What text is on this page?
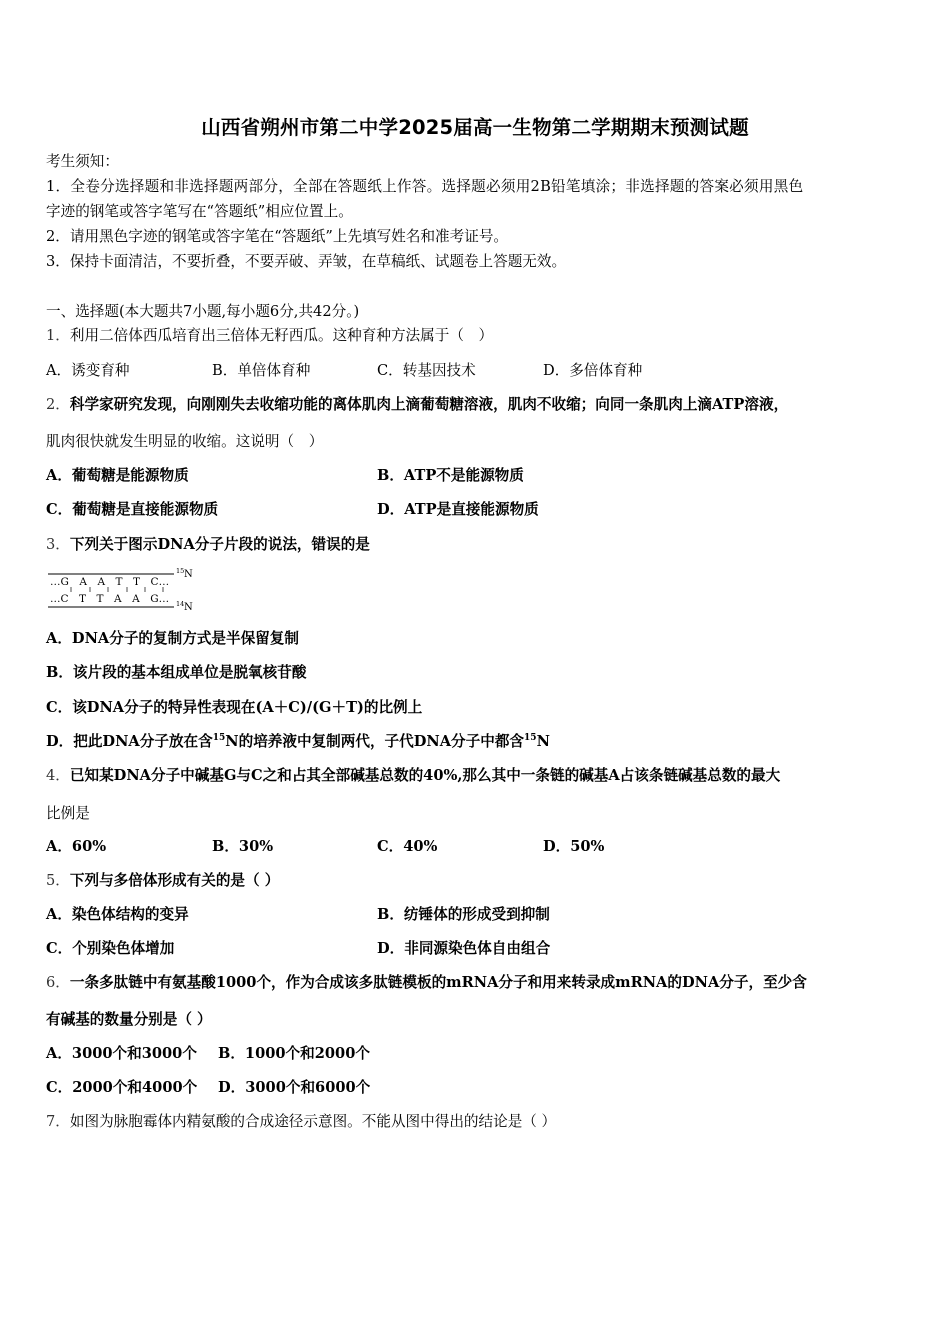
山西省朔州市第二中学2025届高一生物第二学期期末预测试题
考生须知：
1．全卷分选择题和非选择题两部分，全部在答题纸上作答。选择题必须用2B铅笔填涂；非选择题的答案必须用黑色
字迹的钢笔或答字笔写在“答题纸”相应位置上。
2．请用黑色字迹的钢笔或答字笔在“答题纸”上先填写姓名和准考证号。
3．保持卡面清洁，不要折叠，不要弄破、弄皱，在草稿纸、试题卷上答题无效。
一、选择题(本大题共7小题,每小题6分,共42分。)
1．利用二倍体西瓜培育出三倍体无籽西瓜。这种育种方法属于（　）
A．诱变育种	B．单倍体育种	C．转基因技术	D．多倍体育种
2．科学家研究发现，向刚刚失去收缩功能的离体肌肉上滴葡萄糖溶液，肌肉不收缩；向同一条肌肉上滴ATP溶液，
肌肉很快就发生明显的收缩。这说明（　）
A．葡萄糖是能源物质	B．ATP不是能源物质
C．葡萄糖是直接能源物质	D．ATP是直接能源物质
3．下列关于图示DNA分子片段的说法，错误的是
…G　A　A　T　T　C…
…C　T　T　A　A　G…
15 N
14 N
A．DNA分子的复制方式是半保留复制
B．该片段的基本组成单位是脱氧核苷酸
C．该DNA分子的特异性表现在(A＋C)/(G＋T)的比例上
D．把此DNA分子放在含$^{15}$N的培养液中复制两代，子代DNA分子中都含$^{15}$N
4．已知某DNA分子中碱基G与C之和占其全部碱基总数的40%,那么其中一条链的碱基A占该条链碱基总数的最大
比例是
A．60%	B．30%	C．40%	D．50%
5．下列与多倍体形成有关的是（ ）
A．染色体结构的变异	B．纺锤体的形成受到抑制
C．个别染色体增加	D．非同源染色体自由组合
6．一条多肽链中有氨基酸1000个，作为合成该多肽链模板的mRNA分子和用来转录成mRNA的DNA分子，至少含
有碱基的数量分别是（ ）
A．3000个和3000个 B．1000个和2000个
C．2000个和4000个 D．3000个和6000个
7．如图为脉胞霉体内精氨酸的合成途径示意图。不能从图中得出的结论是（ ）
